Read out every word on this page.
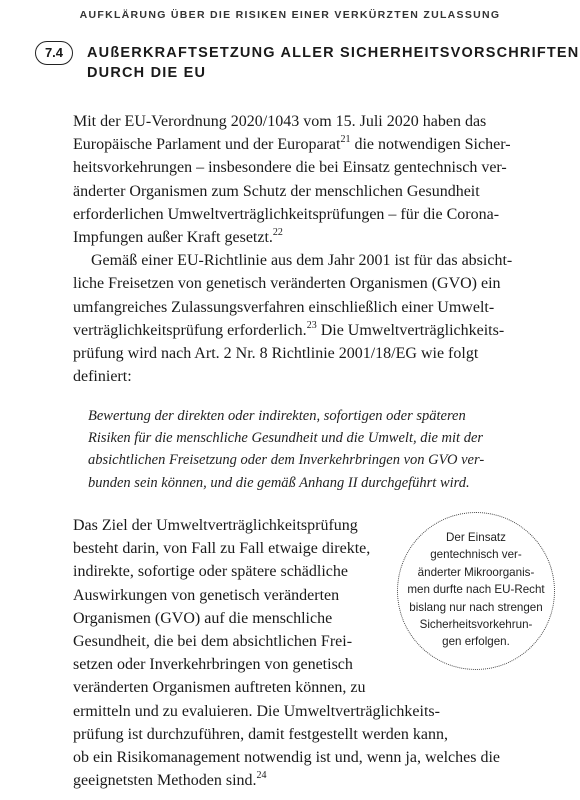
AUFKLÄRUNG ÜBER DIE RISIKEN EINER VERKÜRZTEN ZULASSUNG
7.4	AUßERKRAFTSETZUNG ALLER SICHERHEITSVORSCHRIFTEN
DURCH DIE EU
Mit der EU-Verordnung 2020/1043 vom 15. Juli 2020 haben das
Europäische Parlament und der Europarat$^{21}$ die notwendigen Sicher-
heitsvorkehrungen – insbesondere die bei Einsatz gentechnisch ver-
änderter Organismen zum Schutz der menschlichen Gesundheit
erforderlichen Umweltverträglichkeitsprüfungen – für die Corona-
Impfungen außer Kraft gesetzt.$^{22}$
Gemäß einer EU-Richtlinie aus dem Jahr 2001 ist für das absicht-
liche Freisetzen von genetisch veränderten Organismen (GVO) ein
umfangreiches Zulassungsverfahren einschließlich einer Umwelt-
verträglichkeitsprüfung erforderlich.$^{23}$ Die Umweltverträglichkeits-
prüfung wird nach Art. 2 Nr. 8 Richtlinie 2001/18/EG wie folgt
definiert:
Bewertung der direkten oder indirekten, sofortigen oder späteren
Risiken für die menschliche Gesundheit und die Umwelt, die mit der
absichtlichen Freisetzung oder dem Inverkehrbringen von GVO ver-
bunden sein können, und die gemäß Anhang II durchgeführt wird.
Das Ziel der Umweltverträglichkeitsprüfung
besteht darin, von Fall zu Fall etwaige direkte,
indirekte, sofortige oder spätere schädliche
Auswirkungen von genetisch veränderten
Organismen (GVO) auf die menschliche
Gesundheit, die bei dem absichtlichen Frei-
setzen oder Inverkehrbringen von genetisch
veränderten Organismen auftreten können, zu
ermitteln und zu evaluieren. Die Umweltverträglichkeits-
prüfung ist durchzuführen, damit festgestellt werden kann,
ob ein Risikomanagement notwendig ist und, wenn ja, welches die
geeignetsten Methoden sind.$^{24}$
Der Einsatz
gentechnisch ver-
änderter Mikroorganis-
men durfte nach EU-Recht
bislang nur nach strengen
Sicherheitsvorkehrun-
gen erfolgen.
